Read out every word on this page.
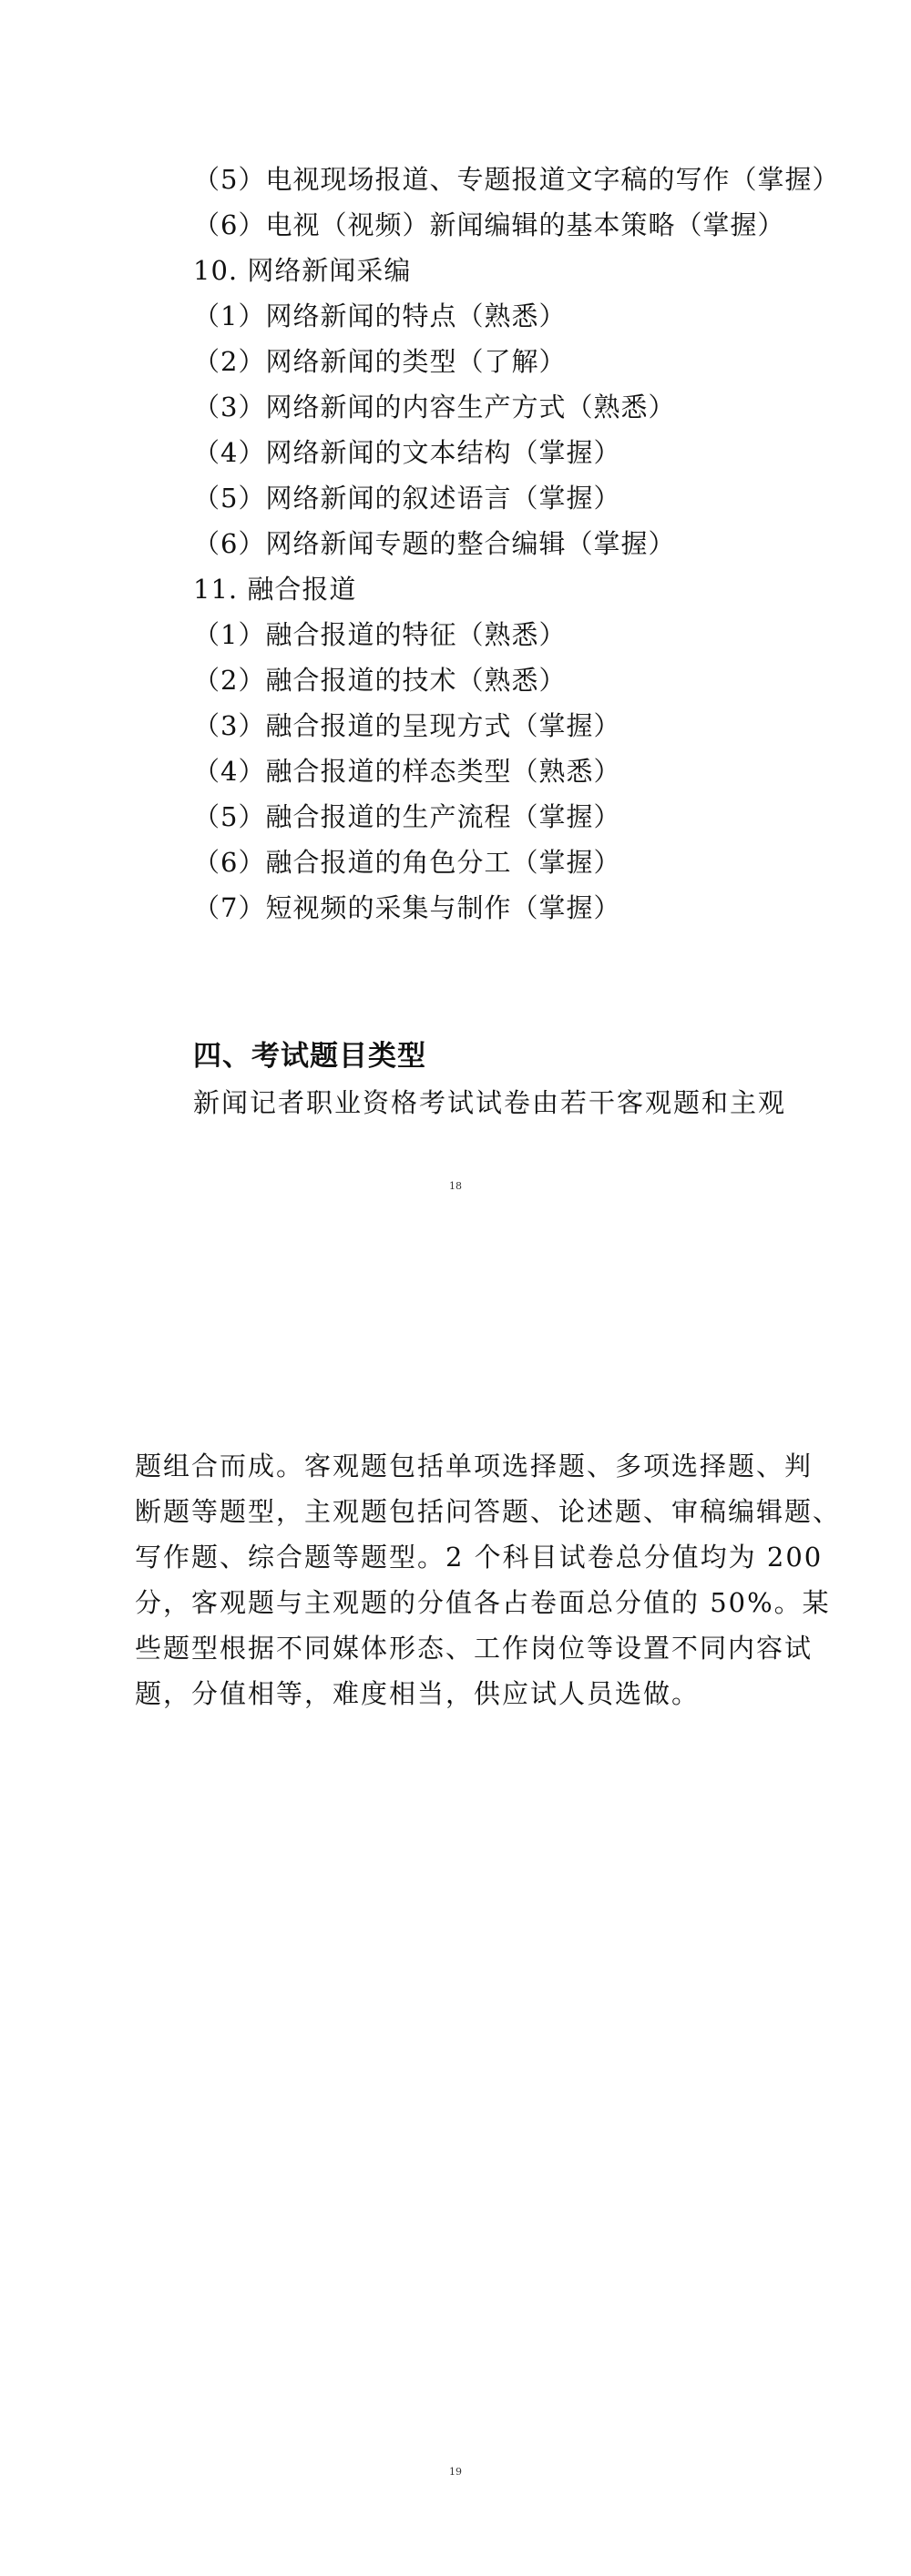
（5）电视现场报道、专题报道文字稿的写作（掌握）
（6）电视（视频）新闻编辑的基本策略（掌握）
10. 网络新闻采编
（1）网络新闻的特点（熟悉）
（2）网络新闻的类型（了解）
（3）网络新闻的内容生产方式（熟悉）
（4）网络新闻的文本结构（掌握）
（5）网络新闻的叙述语言（掌握）
（6）网络新闻专题的整合编辑（掌握）
11. 融合报道
（1）融合报道的特征（熟悉）
（2）融合报道的技术（熟悉）
（3）融合报道的呈现方式（掌握）
（4）融合报道的样态类型（熟悉）
（5）融合报道的生产流程（掌握）
（6）融合报道的角色分工（掌握）
（7）短视频的采集与制作（掌握）
四、考试题目类型
新闻记者职业资格考试试卷由若干客观题和主观
18
题组合而成。客观题包括单项选择题、多项选择题、判
断题等题型，主观题包括问答题、论述题、审稿编辑题、
写作题、综合题等题型。2 个科目试卷总分值均为 200
分，客观题与主观题的分值各占卷面总分值的 50%。某
些题型根据不同媒体形态、工作岗位等设置不同内容试
题，分值相等，难度相当，供应试人员选做。
19
